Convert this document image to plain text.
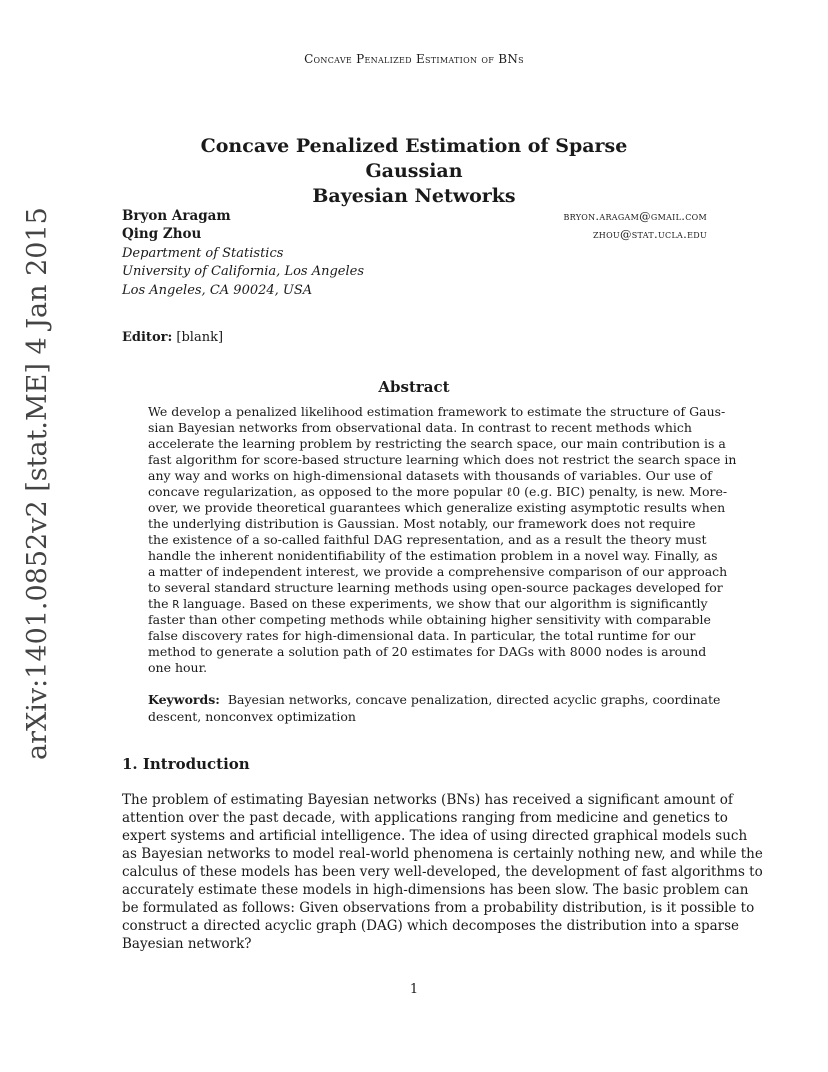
Concave Penalized Estimation of BNs
arXiv:1401.0852v2 [stat.ME] 4 Jan 2015
Concave Penalized Estimation of Sparse Gaussian
Bayesian Networks
Bryon Aragam	bryon.aragam@gmail.com
Qing Zhou	zhou@stat.ucla.edu
Department of Statistics
University of California, Los Angeles
Los Angeles, CA 90024, USA
Editor: [blank]
Abstract
We develop a penalized likelihood estimation framework to estimate the structure of Gaus-
sian Bayesian networks from observational data. In contrast to recent methods which
accelerate the learning problem by restricting the search space, our main contribution is a
fast algorithm for score-based structure learning which does not restrict the search space in
any way and works on high-dimensional datasets with thousands of variables. Our use of
concave regularization, as opposed to the more popular ℓ0 (e.g. BIC) penalty, is new. More-
over, we provide theoretical guarantees which generalize existing asymptotic results when
the underlying distribution is Gaussian. Most notably, our framework does not require
the existence of a so-called faithful DAG representation, and as a result the theory must
handle the inherent nonidentifiability of the estimation problem in a novel way. Finally, as
a matter of independent interest, we provide a comprehensive comparison of our approach
to several standard structure learning methods using open-source packages developed for
the R language. Based on these experiments, we show that our algorithm is significantly
faster than other competing methods while obtaining higher sensitivity with comparable
false discovery rates for high-dimensional data. In particular, the total runtime for our
method to generate a solution path of 20 estimates for DAGs with 8000 nodes is around
one hour.
Keywords: Bayesian networks, concave penalization, directed acyclic graphs, coordinate
descent, nonconvex optimization
1. Introduction
The problem of estimating Bayesian networks (BNs) has received a significant amount of
attention over the past decade, with applications ranging from medicine and genetics to
expert systems and artificial intelligence. The idea of using directed graphical models such
as Bayesian networks to model real-world phenomena is certainly nothing new, and while the
calculus of these models has been very well-developed, the development of fast algorithms to
accurately estimate these models in high-dimensions has been slow. The basic problem can
be formulated as follows: Given observations from a probability distribution, is it possible to
construct a directed acyclic graph (DAG) which decomposes the distribution into a sparse
Bayesian network?
1
